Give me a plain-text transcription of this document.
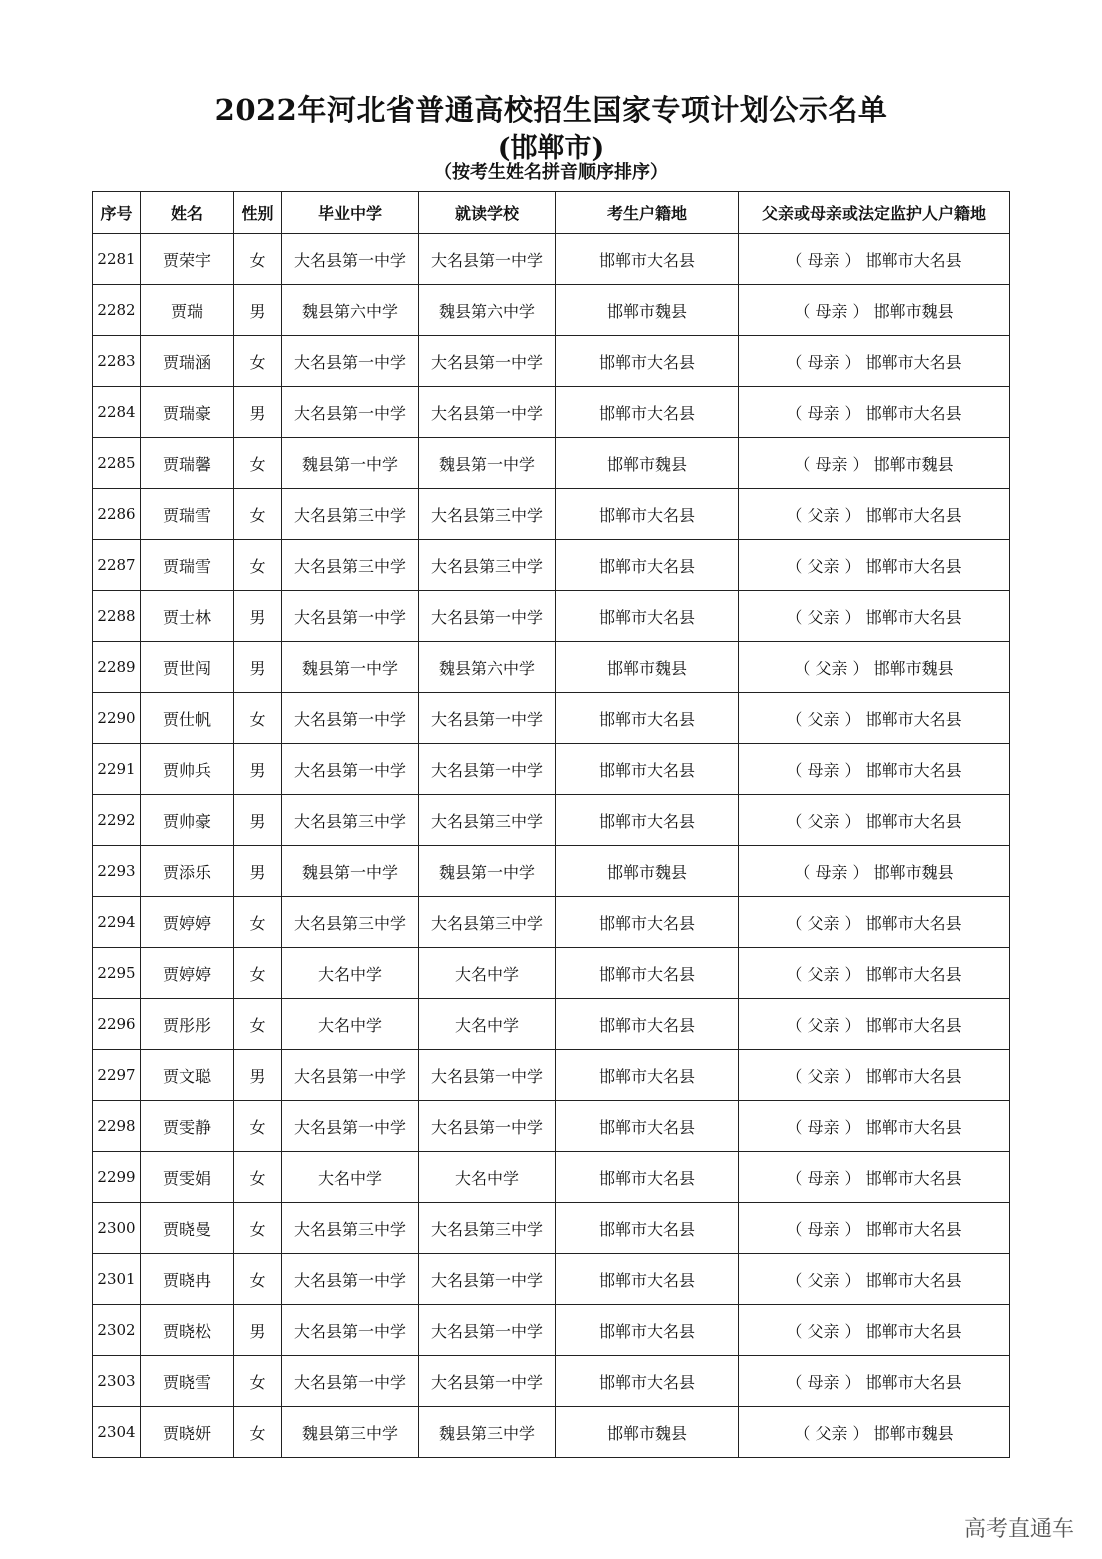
2022年河北省普通高校招生国家专项计划公示名单
(邯郸市)
（按考生姓名拼音顺序排序）
序号	姓名	性别	毕业中学	就读学校	考生户籍地	父亲或母亲或法定监护人户籍地
2281	贾荣宇	女	大名县第一中学	大名县第一中学	邯郸市大名县	（ 母亲 ） 邯郸市大名县
2282	贾瑞	男	魏县第六中学	魏县第六中学	邯郸市魏县	（ 母亲 ） 邯郸市魏县
2283	贾瑞涵	女	大名县第一中学	大名县第一中学	邯郸市大名县	（ 母亲 ） 邯郸市大名县
2284	贾瑞豪	男	大名县第一中学	大名县第一中学	邯郸市大名县	（ 母亲 ） 邯郸市大名县
2285	贾瑞馨	女	魏县第一中学	魏县第一中学	邯郸市魏县	（ 母亲 ） 邯郸市魏县
2286	贾瑞雪	女	大名县第三中学	大名县第三中学	邯郸市大名县	（ 父亲 ） 邯郸市大名县
2287	贾瑞雪	女	大名县第三中学	大名县第三中学	邯郸市大名县	（ 父亲 ） 邯郸市大名县
2288	贾士林	男	大名县第一中学	大名县第一中学	邯郸市大名县	（ 父亲 ） 邯郸市大名县
2289	贾世闯	男	魏县第一中学	魏县第六中学	邯郸市魏县	（ 父亲 ） 邯郸市魏县
2290	贾仕帆	女	大名县第一中学	大名县第一中学	邯郸市大名县	（ 父亲 ） 邯郸市大名县
2291	贾帅兵	男	大名县第一中学	大名县第一中学	邯郸市大名县	（ 母亲 ） 邯郸市大名县
2292	贾帅豪	男	大名县第三中学	大名县第三中学	邯郸市大名县	（ 父亲 ） 邯郸市大名县
2293	贾添乐	男	魏县第一中学	魏县第一中学	邯郸市魏县	（ 母亲 ） 邯郸市魏县
2294	贾婷婷	女	大名县第三中学	大名县第三中学	邯郸市大名县	（ 父亲 ） 邯郸市大名县
2295	贾婷婷	女	大名中学	大名中学	邯郸市大名县	（ 父亲 ） 邯郸市大名县
2296	贾彤彤	女	大名中学	大名中学	邯郸市大名县	（ 父亲 ） 邯郸市大名县
2297	贾文聪	男	大名县第一中学	大名县第一中学	邯郸市大名县	（ 父亲 ） 邯郸市大名县
2298	贾雯静	女	大名县第一中学	大名县第一中学	邯郸市大名县	（ 母亲 ） 邯郸市大名县
2299	贾雯娟	女	大名中学	大名中学	邯郸市大名县	（ 母亲 ） 邯郸市大名县
2300	贾晓曼	女	大名县第三中学	大名县第三中学	邯郸市大名县	（ 母亲 ） 邯郸市大名县
2301	贾晓冉	女	大名县第一中学	大名县第一中学	邯郸市大名县	（ 父亲 ） 邯郸市大名县
2302	贾晓松	男	大名县第一中学	大名县第一中学	邯郸市大名县	（ 父亲 ） 邯郸市大名县
2303	贾晓雪	女	大名县第一中学	大名县第一中学	邯郸市大名县	（ 母亲 ） 邯郸市大名县
2304	贾晓妍	女	魏县第三中学	魏县第三中学	邯郸市魏县	（ 父亲 ） 邯郸市魏县
高考直通车
